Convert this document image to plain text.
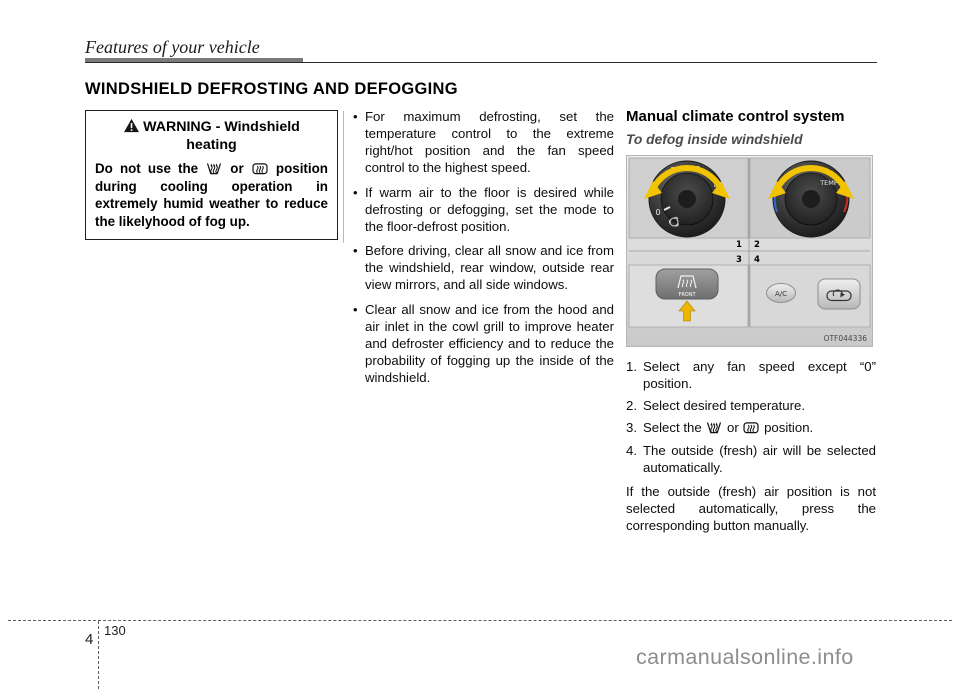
Features of your vehicle
WINDSHIELD DEFROSTING AND DEFOGGING
WARNING - Windshield heating

Do not use the or position during cooling operation in extremely humid weather to reduce the likelyhood of fog up.

• For maximum defrosting, set the temperature control to the extreme right/hot position and the fan speed control to the highest speed.
• If warm air to the floor is desired while defrosting or defogging, set the mode to the floor-defrost position.
• Before driving, clear all snow and ice from the windshield, rear window, outside rear view mirrors, and all side windows.
• Clear all snow and ice from the hood and air inlet in the cowl grill to improve heater and defroster efficiency and to reduce the probability of fogging up the inside of the windshield.
Manual climate control system
To defog inside windshield
0
2	3
4	TEMP
1 2
3 4
FRONT	A/C
OTF044336
1. Select any fan speed except “0” position.
2. Select desired temperature.
3. Select the or position.
4. The outside (fresh) air will be selected automatically.

If the outside (fresh) air position is not selected automatically, press the corresponding button manually.

130
4
carmanualsonline.info
